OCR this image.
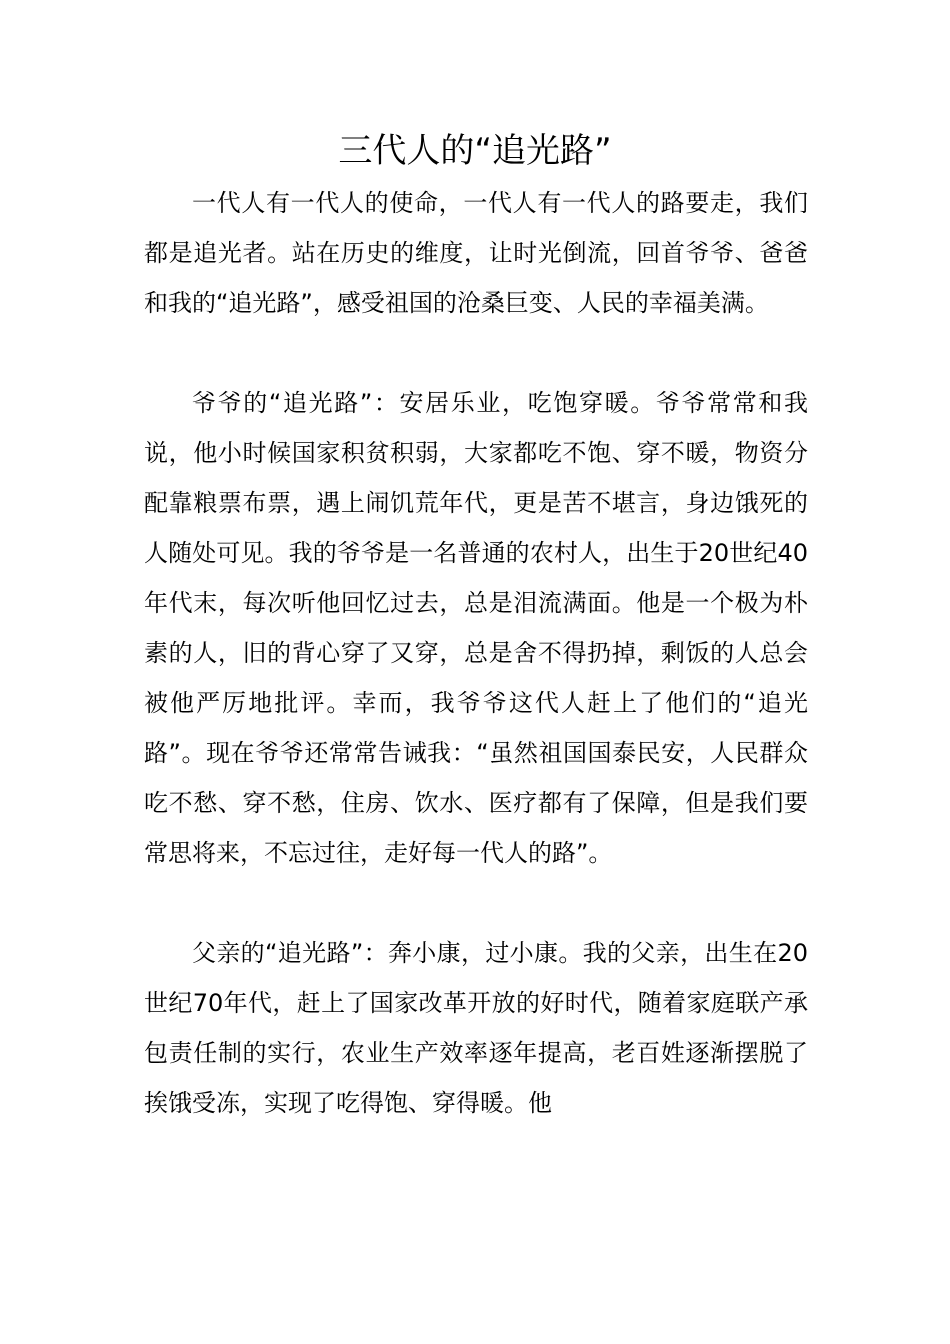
三代人的“追光路”

一代人有一代人的使命，一代人有一代人的路要走，我们都是追光者。站在历史的维度，让时光倒流，回首爷爷、爸爸和我的“追光路”，感受祖国的沧桑巨变、人民的幸福美满。

爷爷的“追光路”：安居乐业，吃饱穿暖。爷爷常常和我说，他小时候国家积贫积弱，大家都吃不饱、穿不暖，物资分配靠粮票布票，遇上闹饥荒年代，更是苦不堪言，身边饿死的人随处可见。我的爷爷是一名普通的农村人，出生于20世纪40年代末，每次听他回忆过去，总是泪流满面。他是一个极为朴素的人，旧的背心穿了又穿，总是舍不得扔掉，剩饭的人总会被他严厉地批评。幸而，我爷爷这代人赶上了他们的“追光路”。现在爷爷还常常告诫我：“虽然祖国国泰民安，人民群众吃不愁、穿不愁，住房、饮水、医疗都有了保障，但是我们要常思将来，不忘过往，走好每一代人的路”。

父亲的“追光路”：奔小康，过小康。我的父亲，出生在20世纪70年代，赶上了国家改革开放的好时代，随着家庭联产承包责任制的实行，农业生产效率逐年提高，老百姓逐渐摆脱了挨饿受冻，实现了吃得饱、穿得暖。他
